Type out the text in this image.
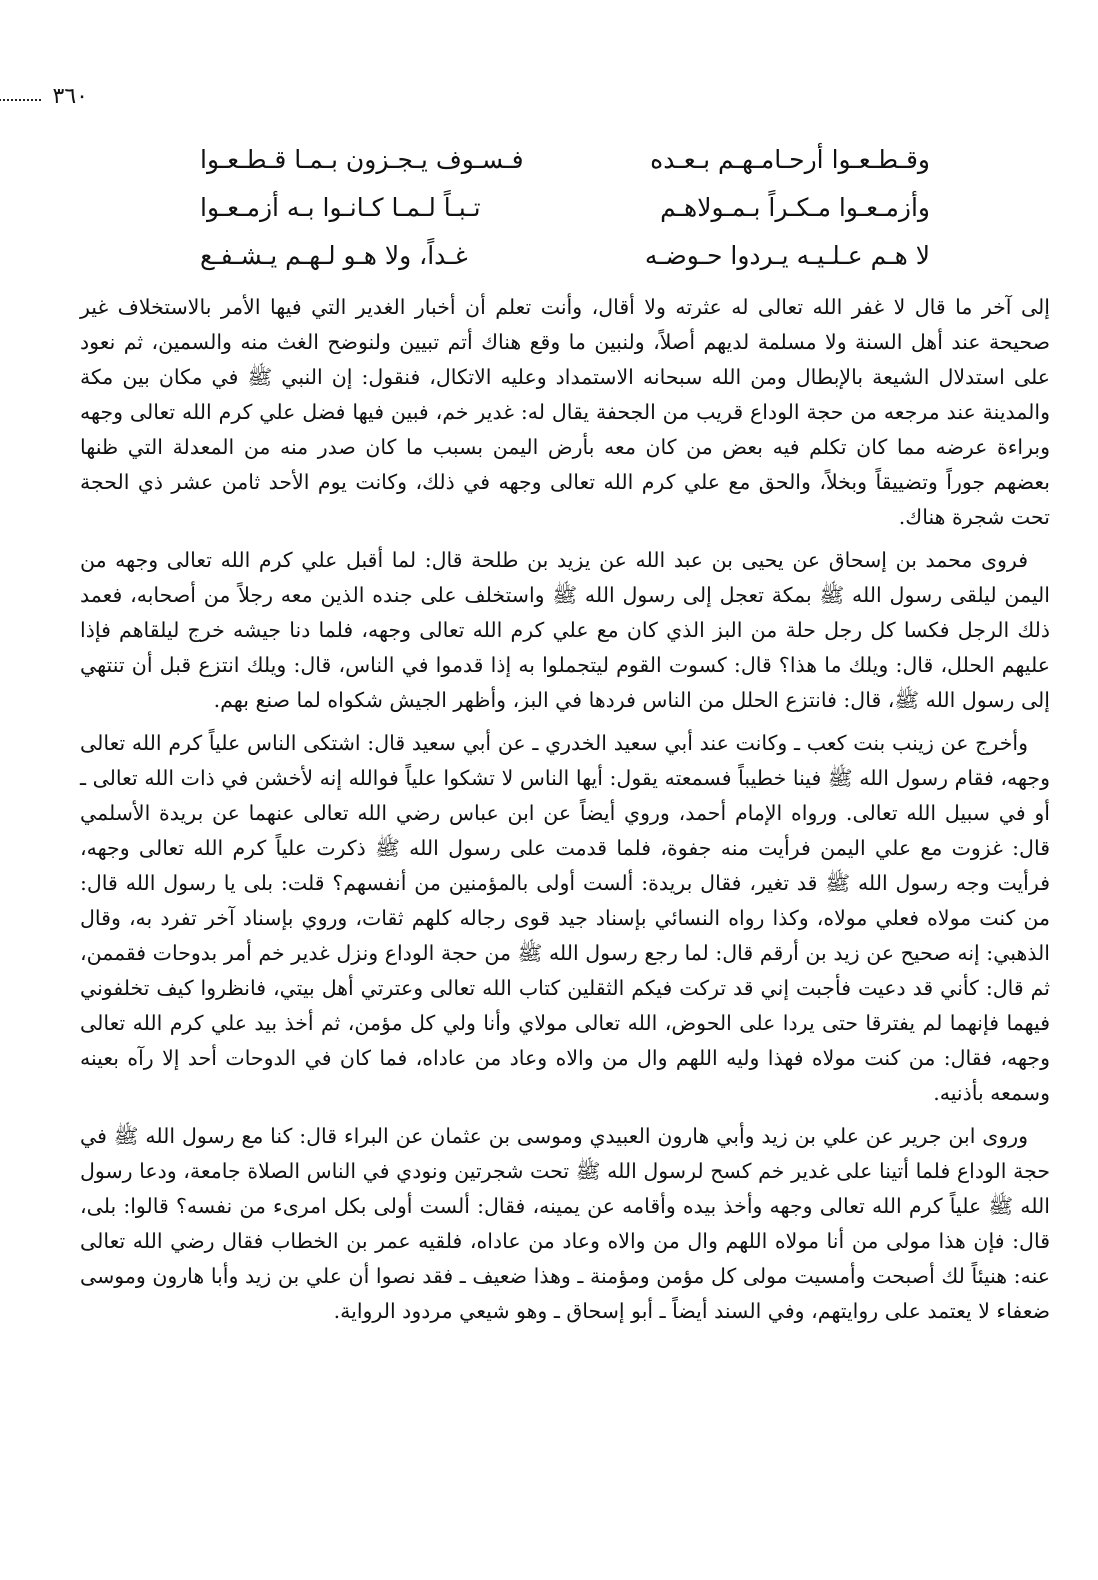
٣٦٠
وقـطـعـوا أرحـامـهـم بـعـده
فـسـوف يـجـزون بـمـا قـطـعـوا
وأزمـعـوا مـكـراً بـمـولاهـم
تـبـاً لـمـا كـانـوا بـه أزمـعـوا
لا هـم عـلـيـه يـردوا حـوضـه
غـداً، ولا هـو لـهـم يـشـفـع

إلى آخر ما قال لا غفر الله تعالى له عثرته ولا أقال، وأنت تعلم أن أخبار الغدير التي فيها الأمر بالاستخلاف غير صحيحة عند أهل السنة ولا مسلمة لديهم أصلاً، ولنبين ما وقع هناك أتم تبيين ولنوضح الغث منه والسمين، ثم نعود على استدلال الشيعة بالإبطال ومن الله سبحانه الاستمداد وعليه الاتكال، فنقول: إن النبي ﷺ في مكان بين مكة والمدينة عند مرجعه من حجة الوداع قريب من الجحفة يقال له: غدير خم، فبين فيها فضل علي كرم الله تعالى وجهه وبراءة عرضه مما كان تكلم فيه بعض من كان معه بأرض اليمن بسبب ما كان صدر منه من المعدلة التي ظنها بعضهم جوراً وتضييقاً وبخلاً، والحق مع علي كرم الله تعالى وجهه في ذلك، وكانت يوم الأحد ثامن عشر ذي الحجة تحت شجرة هناك.

فروى محمد بن إسحاق عن يحيى بن عبد الله عن يزيد بن طلحة قال: لما أقبل علي كرم الله تعالى وجهه من اليمن ليلقى رسول الله ﷺ بمكة تعجل إلى رسول الله ﷺ واستخلف على جنده الذين معه رجلاً من أصحابه، فعمد ذلك الرجل فكسا كل رجل حلة من البز الذي كان مع علي كرم الله تعالى وجهه، فلما دنا جيشه خرج ليلقاهم فإذا عليهم الحلل، قال: ويلك ما هذا؟ قال: كسوت القوم ليتجملوا به إذا قدموا في الناس، قال: ويلك انتزع قبل أن تنتهي إلى رسول الله ﷺ، قال: فانتزع الحلل من الناس فردها في البز، وأظهر الجيش شكواه لما صنع بهم.

وأخرج عن زينب بنت كعب ـ وكانت عند أبي سعيد الخدري ـ عن أبي سعيد قال: اشتكى الناس علياً كرم الله تعالى وجهه، فقام رسول الله ﷺ فينا خطيباً فسمعته يقول: أيها الناس لا تشكوا علياً فوالله إنه لأخشن في ذات الله تعالى ـ أو في سبيل الله تعالى. ورواه الإمام أحمد، وروي أيضاً عن ابن عباس رضي الله تعالى عنهما عن بريدة الأسلمي قال: غزوت مع علي اليمن فرأيت منه جفوة، فلما قدمت على رسول الله ﷺ ذكرت علياً كرم الله تعالى وجهه، فرأيت وجه رسول الله ﷺ قد تغير، فقال بريدة: ألست أولى بالمؤمنين من أنفسهم؟ قلت: بلى يا رسول الله قال: من كنت مولاه فعلي مولاه، وكذا رواه النسائي بإسناد جيد قوى رجاله كلهم ثقات، وروي بإسناد آخر تفرد به، وقال الذهبي: إنه صحيح عن زيد بن أرقم قال: لما رجع رسول الله ﷺ من حجة الوداع ونزل غدير خم أمر بدوحات فقممن، ثم قال: كأني قد دعيت فأجبت إني قد تركت فيكم الثقلين كتاب الله تعالى وعترتي أهل بيتي، فانظروا كيف تخلفوني فيهما فإنهما لم يفترقا حتى يردا على الحوض، الله تعالى مولاي وأنا ولي كل مؤمن، ثم أخذ بيد علي كرم الله تعالى وجهه، فقال: من كنت مولاه فهذا وليه اللهم وال من والاه وعاد من عاداه، فما كان في الدوحات أحد إلا رآه بعينه وسمعه بأذنيه.

وروى ابن جرير عن علي بن زيد وأبي هارون العبيدي وموسى بن عثمان عن البراء قال: كنا مع رسول الله ﷺ في حجة الوداع فلما أتينا على غدير خم كسح لرسول الله ﷺ تحت شجرتين ونودي في الناس الصلاة جامعة، ودعا رسول الله ﷺ علياً كرم الله تعالى وجهه وأخذ بيده وأقامه عن يمينه، فقال: ألست أولى بكل امرىء من نفسه؟ قالوا: بلى، قال: فإن هذا مولى من أنا مولاه اللهم وال من والاه وعاد من عاداه، فلقيه عمر بن الخطاب فقال رضي الله تعالى عنه: هنيئاً لك أصبحت وأمسيت مولى كل مؤمن ومؤمنة ـ وهذا ضعيف ـ فقد نصوا أن علي بن زيد وأبا هارون وموسى ضعفاء لا يعتمد على روايتهم، وفي السند أيضاً ـ أبو إسحاق ـ وهو شيعي مردود الرواية.
